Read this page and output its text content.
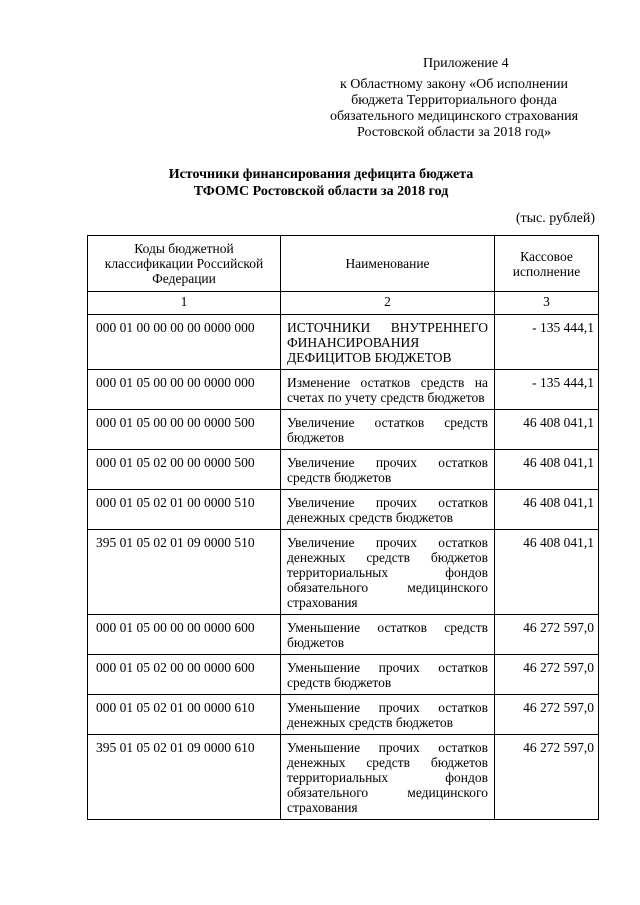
Приложение 4
к Областному закону «Об исполнении
бюджета Территориального фонда
обязательного медицинского страхования
Ростовской области за 2018 год»
Источники финансирования дефицита бюджета
ТФОМС Ростовской области за 2018 год
(тыс. рублей)
Коды бюджетной классификации Российской Федерации	Наименование	Кассовое исполнение
1	2	3
000 01 00 00 00 00 0000 000	ИСТОЧНИКИ ВНУТРЕННЕГО ФИНАНСИРОВАНИЯ ДЕФИЦИТОВ БЮДЖЕТОВ	- 135 444,1
000 01 05 00 00 00 0000 000	Изменение остатков средств на счетах по учету средств бюджетов	- 135 444,1
000 01 05 00 00 00 0000 500	Увеличение остатков средств бюджетов	46 408 041,1
000 01 05 02 00 00 0000 500	Увеличение прочих остатков средств бюджетов	46 408 041,1
000 01 05 02 01 00 0000 510	Увеличение прочих остатков денежных средств бюджетов	46 408 041,1
395 01 05 02 01 09 0000 510	Увеличение прочих остатков денежных средств бюджетов территориальных фондов обязательного медицинского страхования	46 408 041,1
000 01 05 00 00 00 0000 600	Уменьшение остатков средств бюджетов	46 272 597,0
000 01 05 02 00 00 0000 600	Уменьшение прочих остатков средств бюджетов	46 272 597,0
000 01 05 02 01 00 0000 610	Уменьшение прочих остатков денежных средств бюджетов	46 272 597,0
395 01 05 02 01 09 0000 610	Уменьшение прочих остатков денежных средств бюджетов территориальных фондов обязательного медицинского страхования	46 272 597,0
